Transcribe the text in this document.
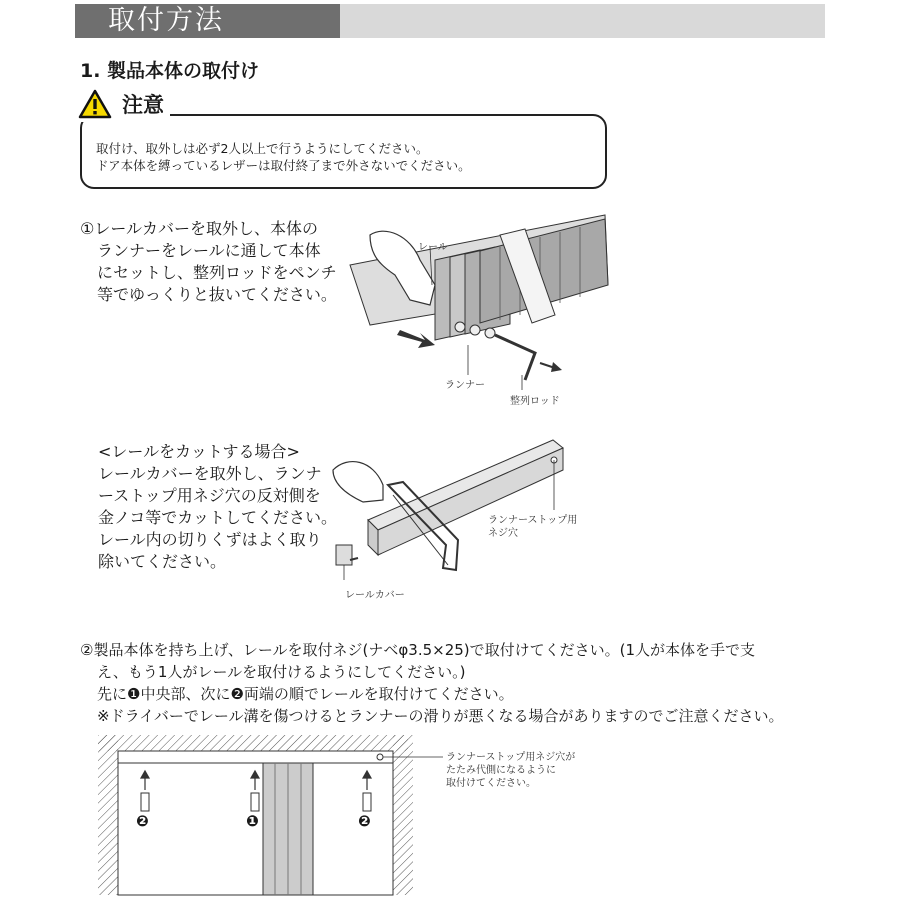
取付方法
1. 製品本体の取付け
注意
取付け、取外しは必ず2人以上で行うようにしてください。
ドア本体を縛っているレザーは取付終了まで外さないでください。
①レールカバーを取外し、本体の
ランナーをレールに通して本体
にセットし、整列ロッドをペンチ
等でゆっくりと抜いてください。
レール
ランナー
整列ロッド
<レールをカットする場合>
レールカバーを取外し、ランナ
ーストップ用ネジ穴の反対側を
金ノコ等でカットしてください。
レール内の切りくずはよく取り
除いてください。
ランナーストップ用
ネジ穴
レールカバー
②製品本体を持ち上げ、レールを取付ネジ(ナベφ3.5×25)で取付けてください。(1人が本体を手で支
え、もう1人がレールを取付けるようにしてください。)
先に❶中央部、次に❷両端の順でレールを取付けてください。
※ドライバーでレール溝を傷つけるとランナーの滑りが悪くなる場合がありますのでご注意ください。
❷	❶	❷
ランナーストップ用ネジ穴が
たたみ代側になるように
取付けてください。
